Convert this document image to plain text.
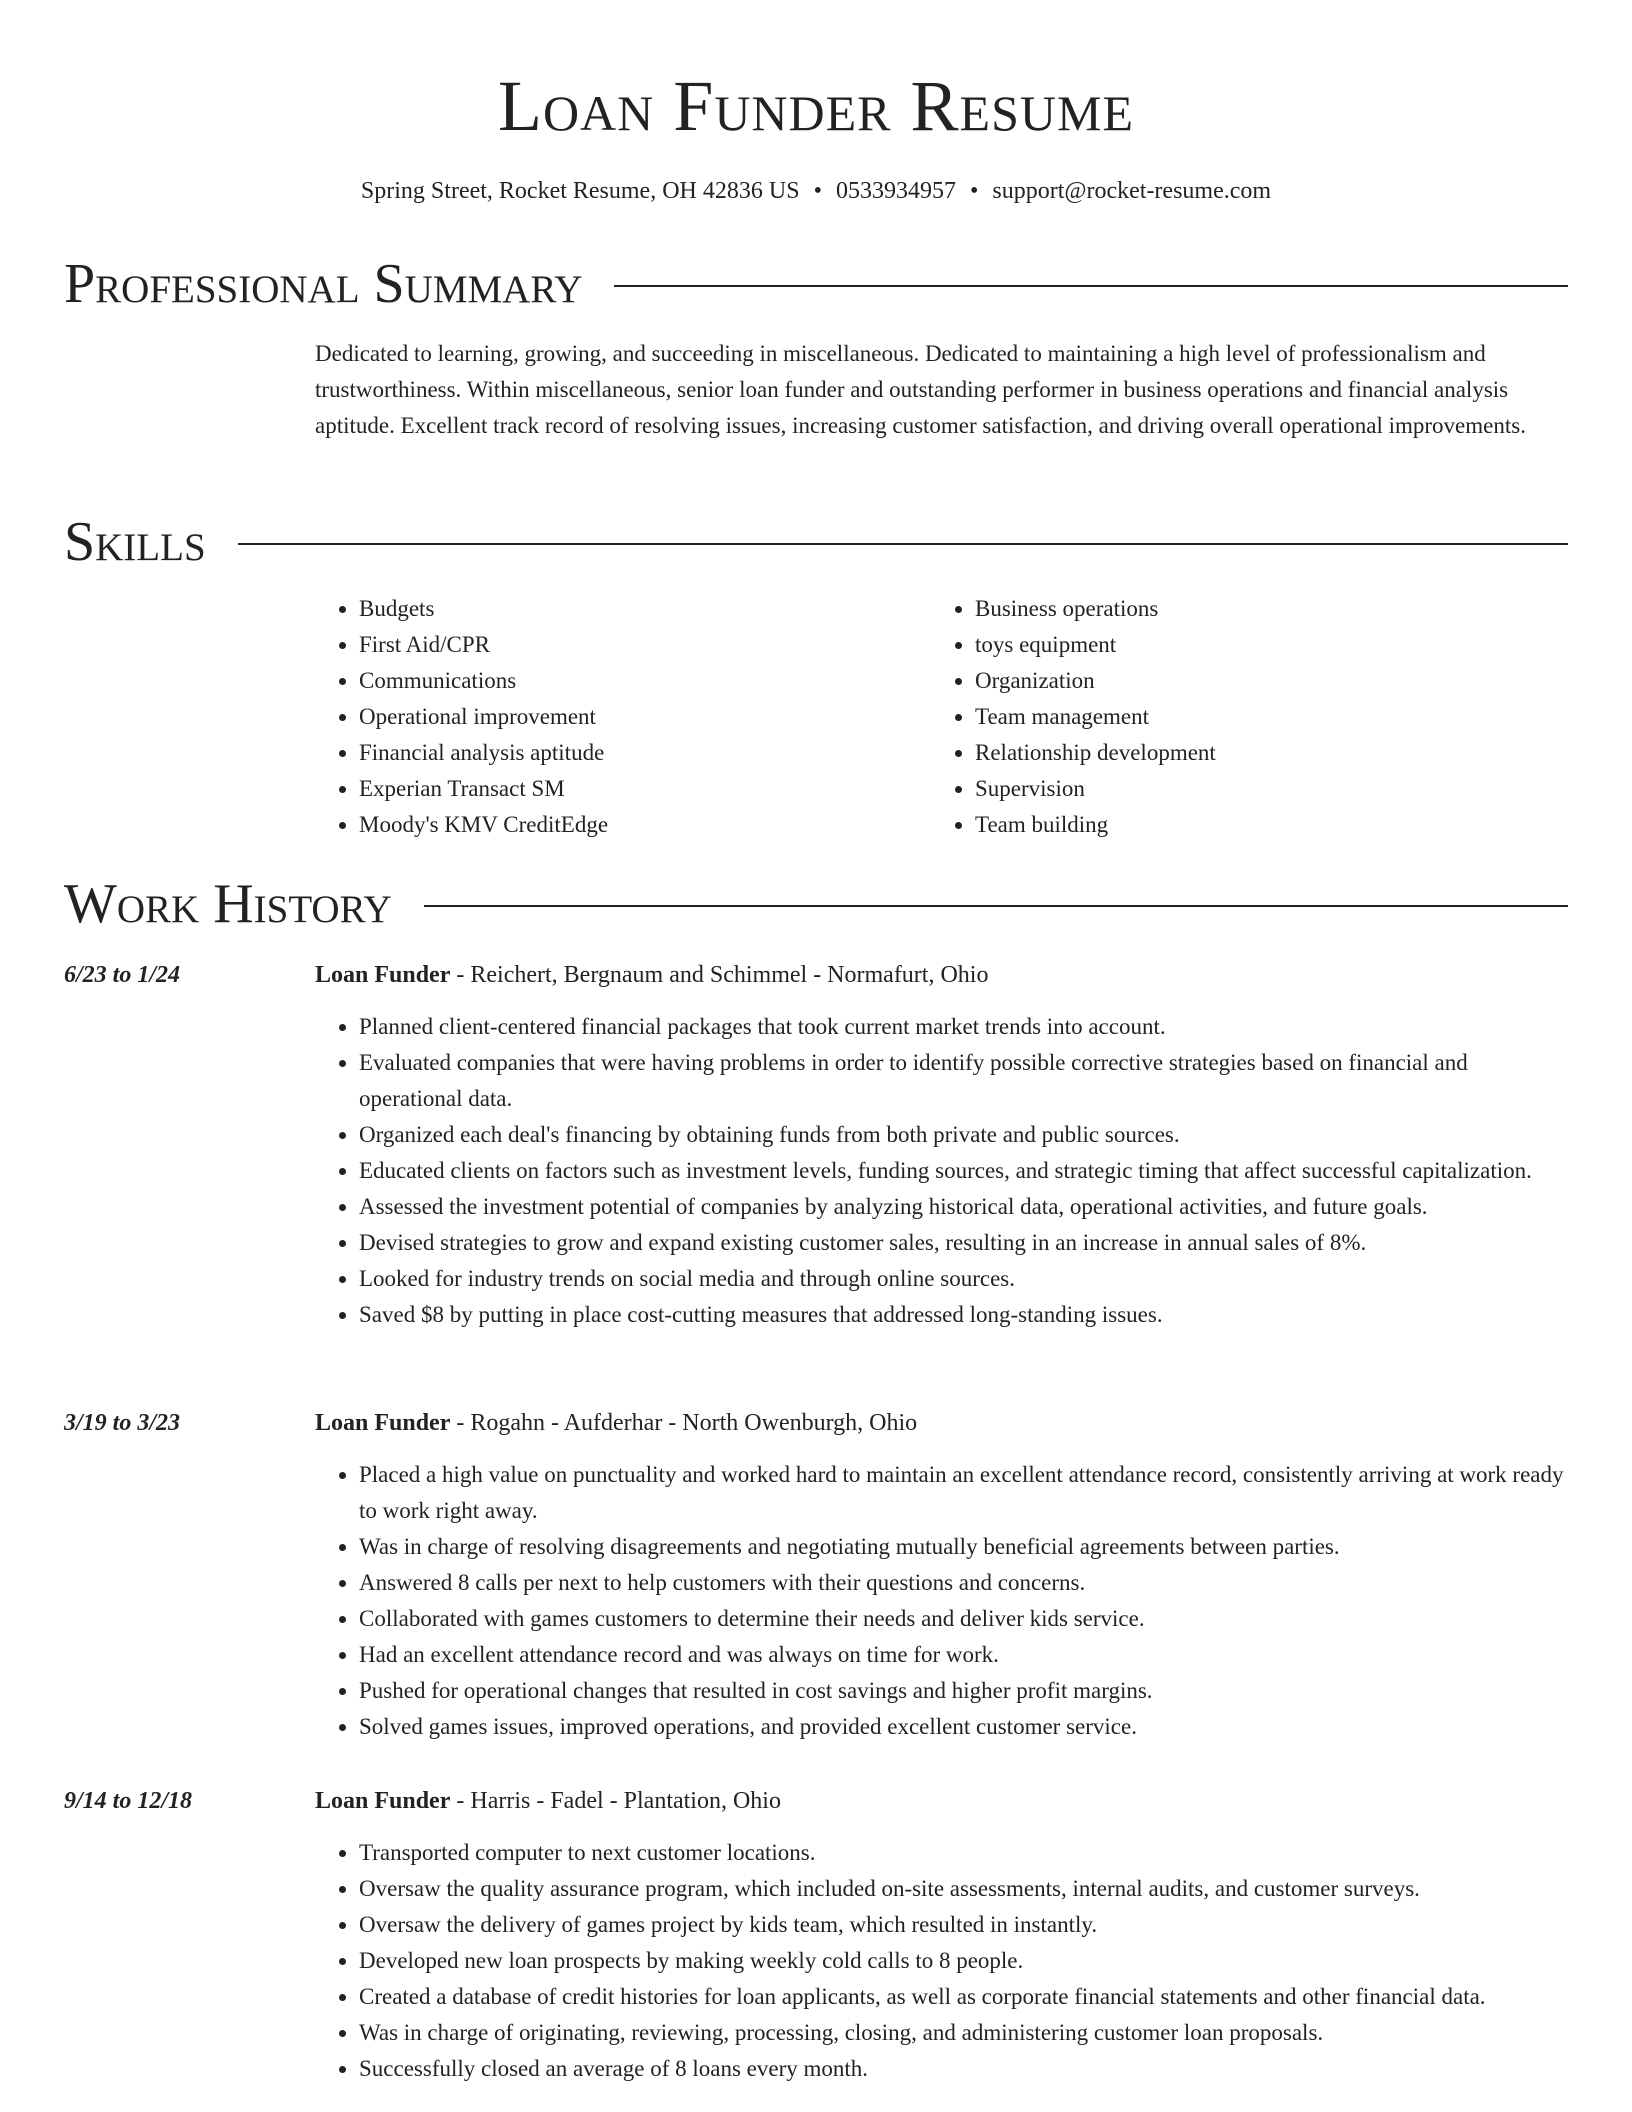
Loan Funder Resume
Spring Street, Rocket Resume, OH 42836 US • 0533934957 • support@rocket-resume.com
Professional Summary

Dedicated to learning, growing, and succeeding in miscellaneous. Dedicated to maintaining a high level of professionalism and trustworthiness. Within miscellaneous, senior loan funder and outstanding performer in business operations and financial analysis aptitude. Excellent track record of resolving issues, increasing customer satisfaction, and driving overall operational improvements.

Skills
• Budgets
• First Aid/CPR
• Communications
• Operational improvement
• Financial analysis aptitude
• Experian Transact SM
• Moody's KMV CreditEdge
• Business operations
• toys equipment
• Organization
• Team management
• Relationship development
• Supervision
• Team building
Work History
6/23 to 1/24	Loan Funder - Reichert, Bergnaum and Schimmel - Normafurt, Ohio
• Planned client-centered financial packages that took current market trends into account.
• Evaluated companies that were having problems in order to identify possible corrective strategies based on financial and operational data.
• Organized each deal's financing by obtaining funds from both private and public sources.
• Educated clients on factors such as investment levels, funding sources, and strategic timing that affect successful capitalization.
• Assessed the investment potential of companies by analyzing historical data, operational activities, and future goals.
• Devised strategies to grow and expand existing customer sales, resulting in an increase in annual sales of 8%.
• Looked for industry trends on social media and through online sources.
• Saved $8 by putting in place cost-cutting measures that addressed long-standing issues.
3/19 to 3/23	Loan Funder - Rogahn - Aufderhar - North Owenburgh, Ohio
• Placed a high value on punctuality and worked hard to maintain an excellent attendance record, consistently arriving at work ready to work right away.
• Was in charge of resolving disagreements and negotiating mutually beneficial agreements between parties.
• Answered 8 calls per next to help customers with their questions and concerns.
• Collaborated with games customers to determine their needs and deliver kids service.
• Had an excellent attendance record and was always on time for work.
• Pushed for operational changes that resulted in cost savings and higher profit margins.
• Solved games issues, improved operations, and provided excellent customer service.
9/14 to 12/18	Loan Funder - Harris - Fadel - Plantation, Ohio
• Transported computer to next customer locations.
• Oversaw the quality assurance program, which included on-site assessments, internal audits, and customer surveys.
• Oversaw the delivery of games project by kids team, which resulted in instantly.
• Developed new loan prospects by making weekly cold calls to 8 people.
• Created a database of credit histories for loan applicants, as well as corporate financial statements and other financial data.
• Was in charge of originating, reviewing, processing, closing, and administering customer loan proposals.
• Successfully closed an average of 8 loans every month.
